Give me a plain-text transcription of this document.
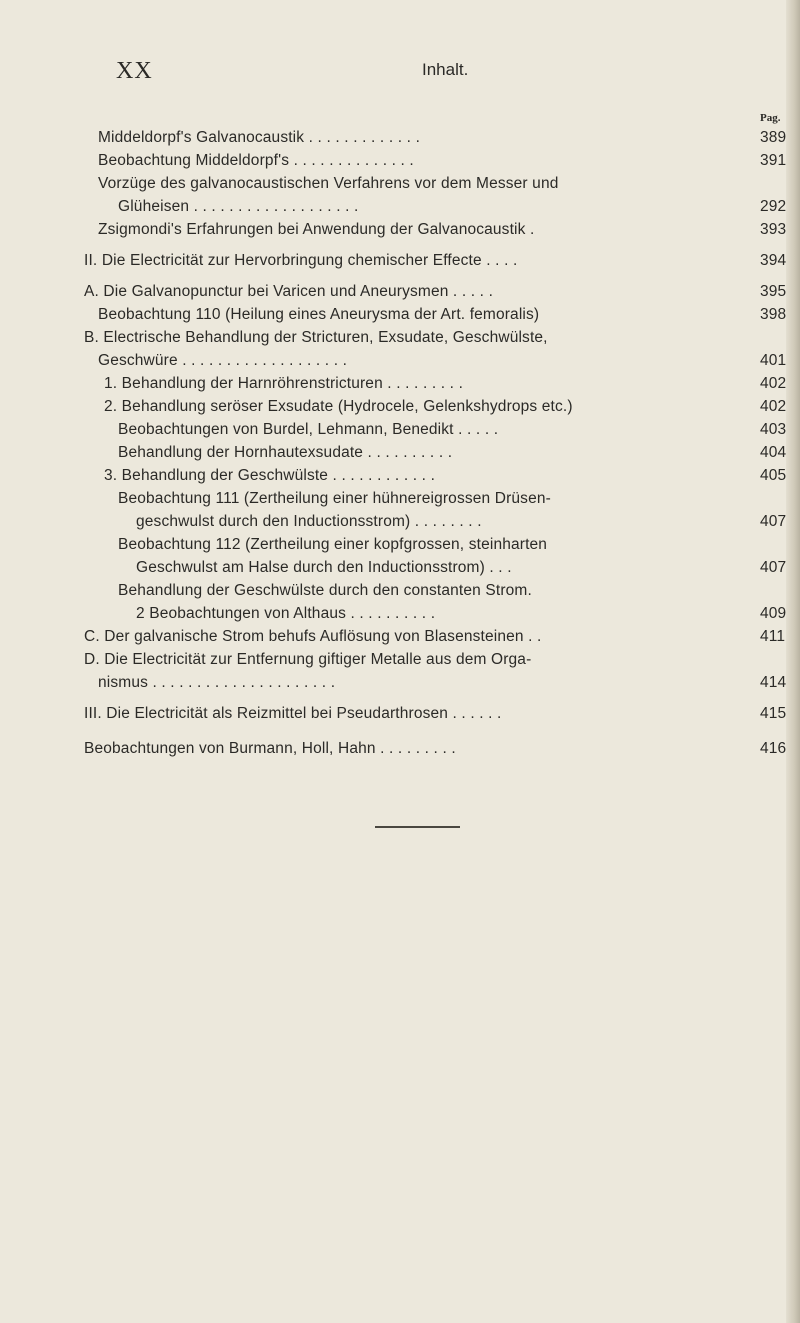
XX	Inhalt.
Pag.
Middeldorpf's Galvanocaustik . . . . . . . . . . . . .	389
Beobachtung Middeldorpf's . . . . . . . . . . . . . .	391
Vorzüge des galvanocaustischen Verfahrens vor dem Messer und
Glüheisen . . . . . . . . . . . . . . . . . . .	292
Zsigmondi's Erfahrungen bei Anwendung der Galvanocaustik .	393
II. Die Electricität zur Hervorbringung chemischer Effecte . . . .	394
A. Die Galvanopunctur bei Varicen und Aneurysmen . . . . .	395
Beobachtung 110 (Heilung eines Aneurysma der Art. femoralis)	398
B. Electrische Behandlung der Stricturen, Exsudate, Geschwülste,
Geschwüre . . . . . . . . . . . . . . . . . . .	401
1. Behandlung der Harnröhrenstricturen . . . . . . . . .	402
2. Behandlung seröser Exsudate (Hydrocele, Gelenkshydrops etc.)	402
Beobachtungen von Burdel, Lehmann, Benedikt . . . . .	403
Behandlung der Hornhautexsudate . . . . . . . . . .	404
3. Behandlung der Geschwülste . . . . . . . . . . . .	405
Beobachtung 111 (Zertheilung einer hühnereigrossen Drüsen-
geschwulst durch den Inductionsstrom) . . . . . . . .	407
Beobachtung 112 (Zertheilung einer kopfgrossen, steinharten
Geschwulst am Halse durch den Inductionsstrom) . . .	407
Behandlung der Geschwülste durch den constanten Strom.
2 Beobachtungen von Althaus . . . . . . . . . .	409
C. Der galvanische Strom behufs Auflösung von Blasensteinen . .	411
D. Die Electricität zur Entfernung giftiger Metalle aus dem Orga-
nismus . . . . . . . . . . . . . . . . . . . . .	414
III. Die Electricität als Reizmittel bei Pseudarthrosen . . . . . .	415
Beobachtungen von Burmann, Holl, Hahn . . . . . . . . .	416
